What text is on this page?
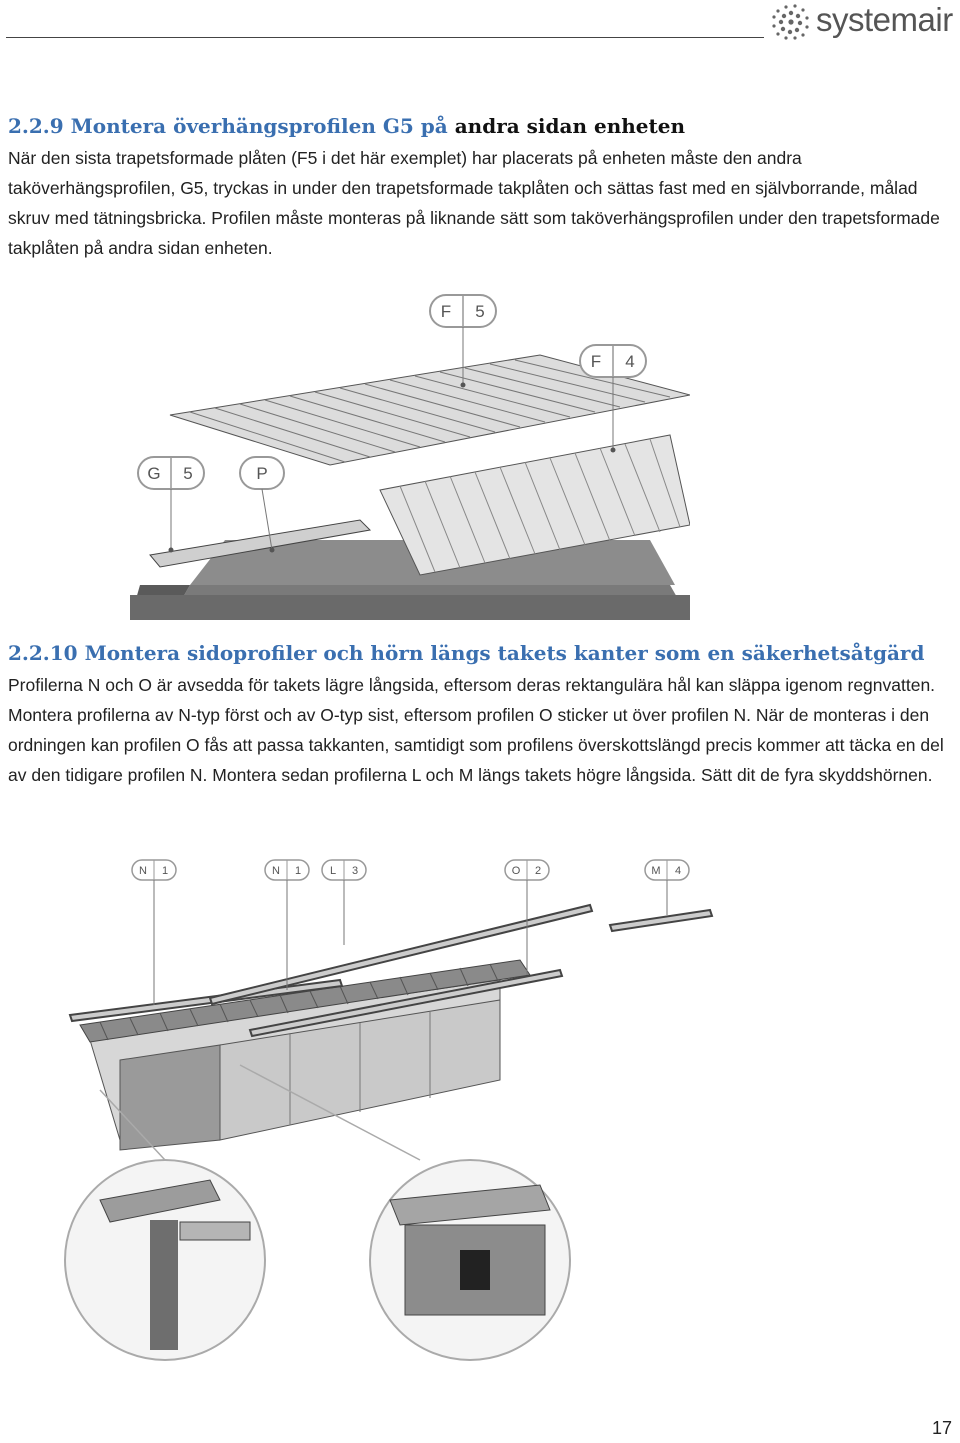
systemair
2.2.9 Montera överhängsprofilen G5 på andra sidan enheten

När den sista trapetsformade plåten (F5 i det här exemplet) har placerats på enheten måste den andra taköverhängsprofilen, G5, tryckas in under den trapetsformade takplåten och sättas fast med en självborrande, målad skruv med tätningsbricka. Profilen måste monteras på liknande sätt som taköverhängsprofilen under den trapetsformade takplåten på andra sidan enheten.

F 5
F 4
G 5	P
2.2.10 Montera sidoprofiler och hörn längs takets kanter som en säkerhetsåtgärd

Profilerna N och O är avsedda för takets lägre långsida, eftersom deras rektangulära hål kan släppa igenom regnvatten. Montera profilerna av N-typ först och av O-typ sist, eftersom profilen O sticker ut över profilen N. När de monteras i den ordningen kan profilen O fås att passa takkanten, samtidigt som profilens överskottslängd precis kommer att täcka en del av den tidigare profilen N. Montera sedan profilerna L och M längs takets högre långsida. Sätt dit de fyra skyddshörnen.

N 1	N 1	L 3	O 2	M 4
17
